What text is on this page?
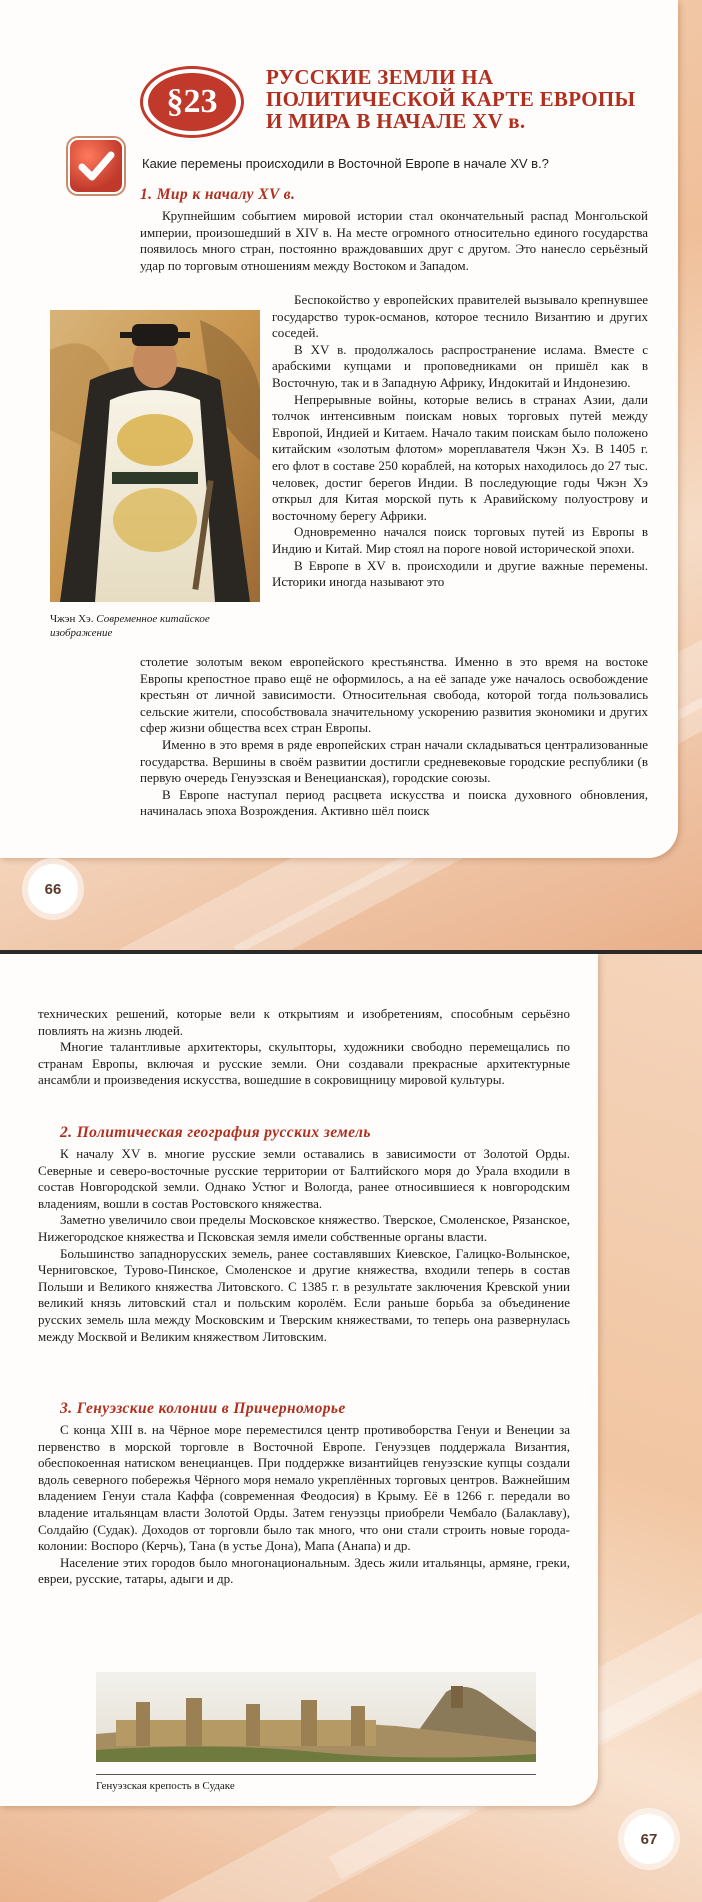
§23
РУССКИЕ ЗЕМЛИ НА
ПОЛИТИЧЕСКОЙ КАРТЕ ЕВРОПЫ
И МИРА В НАЧАЛЕ XV в.
Какие перемены происходили в Восточной Европе в начале XV в.?
1. Мир к началу XV в.

Крупнейшим событием мировой истории стал окончательный распад Монгольской империи, произошедший в XIV в. На месте огромного относительно единого государства появилось много стран, постоянно враждовавших друг с другом. Это нанесло серьёзный удар по торговым отношениям между Востоком и Западом.

Чжэн Хэ. Современное китайское изображение

Беспокойство у европейских правителей вызывало крепнувшее государство турок-османов, которое теснило Византию и других соседей.

В XV в. продолжалось распространение ислама. Вместе с арабскими купцами и проповедниками он пришёл как в Восточную, так и в Западную Африку, Индокитай и Индонезию.

Непрерывные войны, которые велись в странах Азии, дали толчок интенсивным поискам новых торговых путей между Европой, Индией и Китаем. Начало таким поискам было положено китайским «золотым флотом» мореплавателя Чжэн Хэ. В 1405 г. его флот в составе 250 кораблей, на которых находилось до 27 тыс. человек, достиг берегов Индии. В последующие годы Чжэн Хэ открыл для Китая морской путь к Аравийскому полуострову и восточному берегу Африки.

Одновременно начался поиск торговых путей из Европы в Индию и Китай. Мир стоял на пороге новой исторической эпохи.

В Европе в XV в. происходили и другие важные перемены. Историки иногда называют это

столетие золотым веком европейского крестьянства. Именно в это время на востоке Европы крепостное право ещё не оформилось, а на её западе уже началось освобождение крестьян от личной зависимости. Относительная свобода, которой тогда пользовались сельские жители, способствовала значительному ускорению развития экономики и других сфер жизни общества всех стран Европы.

Именно в это время в ряде европейских стран начали складываться централизованные государства. Вершины в своём развитии достигли средневековые городские республики (в первую очередь Генуэзская и Венецианская), городские союзы.

В Европе наступал период расцвета искусства и поиска духовного обновления, начиналась эпоха Возрождения. Активно шёл поиск

66

технических решений, которые вели к открытиям и изобретениям, способным серьёзно повлиять на жизнь людей.

Многие талантливые архитекторы, скульпторы, художники свободно перемещались по странам Европы, включая и русские земли. Они создавали прекрасные архитектурные ансамбли и произведения искусства, вошедшие в сокровищницу мировой культуры.

2. Политическая география русских земель

К началу XV в. многие русские земли оставались в зависимости от Золотой Орды. Северные и северо-восточные русские территории от Балтийского моря до Урала входили в состав Новгородской земли. Однако Устюг и Вологда, ранее относившиеся к новгородским владениям, вошли в состав Ростовского княжества.

Заметно увеличило свои пределы Московское княжество. Тверское, Смоленское, Рязанское, Нижегородское княжества и Псковская земля имели собственные органы власти.

Большинство западнорусских земель, ранее составлявших Киевское, Галицко-Волынское, Черниговское, Турово-Пинское, Смоленское и другие княжества, входили теперь в состав Польши и Великого княжества Литовского. С 1385 г. в результате заключения Кревской унии великий князь литовский стал и польским королём. Если раньше борьба за объединение русских земель шла между Московским и Тверским княжествами, то теперь она развернулась между Москвой и Великим княжеством Литовским.

3. Генуэзские колонии в Причерноморье

С конца XIII в. на Чёрное море переместился центр противоборства Генуи и Венеции за первенство в морской торговле в Восточной Европе. Генуэзцев поддержала Византия, обеспокоенная натиском венецианцев. При поддержке византийцев генуэзские купцы создали вдоль северного побережья Чёрного моря немало укреплённых торговых центров. Важнейшим владением Генуи стала Каффа (современная Феодосия) в Крыму. Её в 1266 г. передали во владение итальянцам власти Золотой Орды. Затем генуэзцы приобрели Чембало (Балаклаву), Солдайю (Судак). Доходов от торговли было так много, что они стали строить новые города-колонии: Воспоро (Керчь), Тана (в устье Дона), Мапа (Анапа) и др.

Население этих городов было многонациональным. Здесь жили итальянцы, армяне, греки, евреи, русские, татары, адыги и др.

Генуэзская крепость в Судаке
67
